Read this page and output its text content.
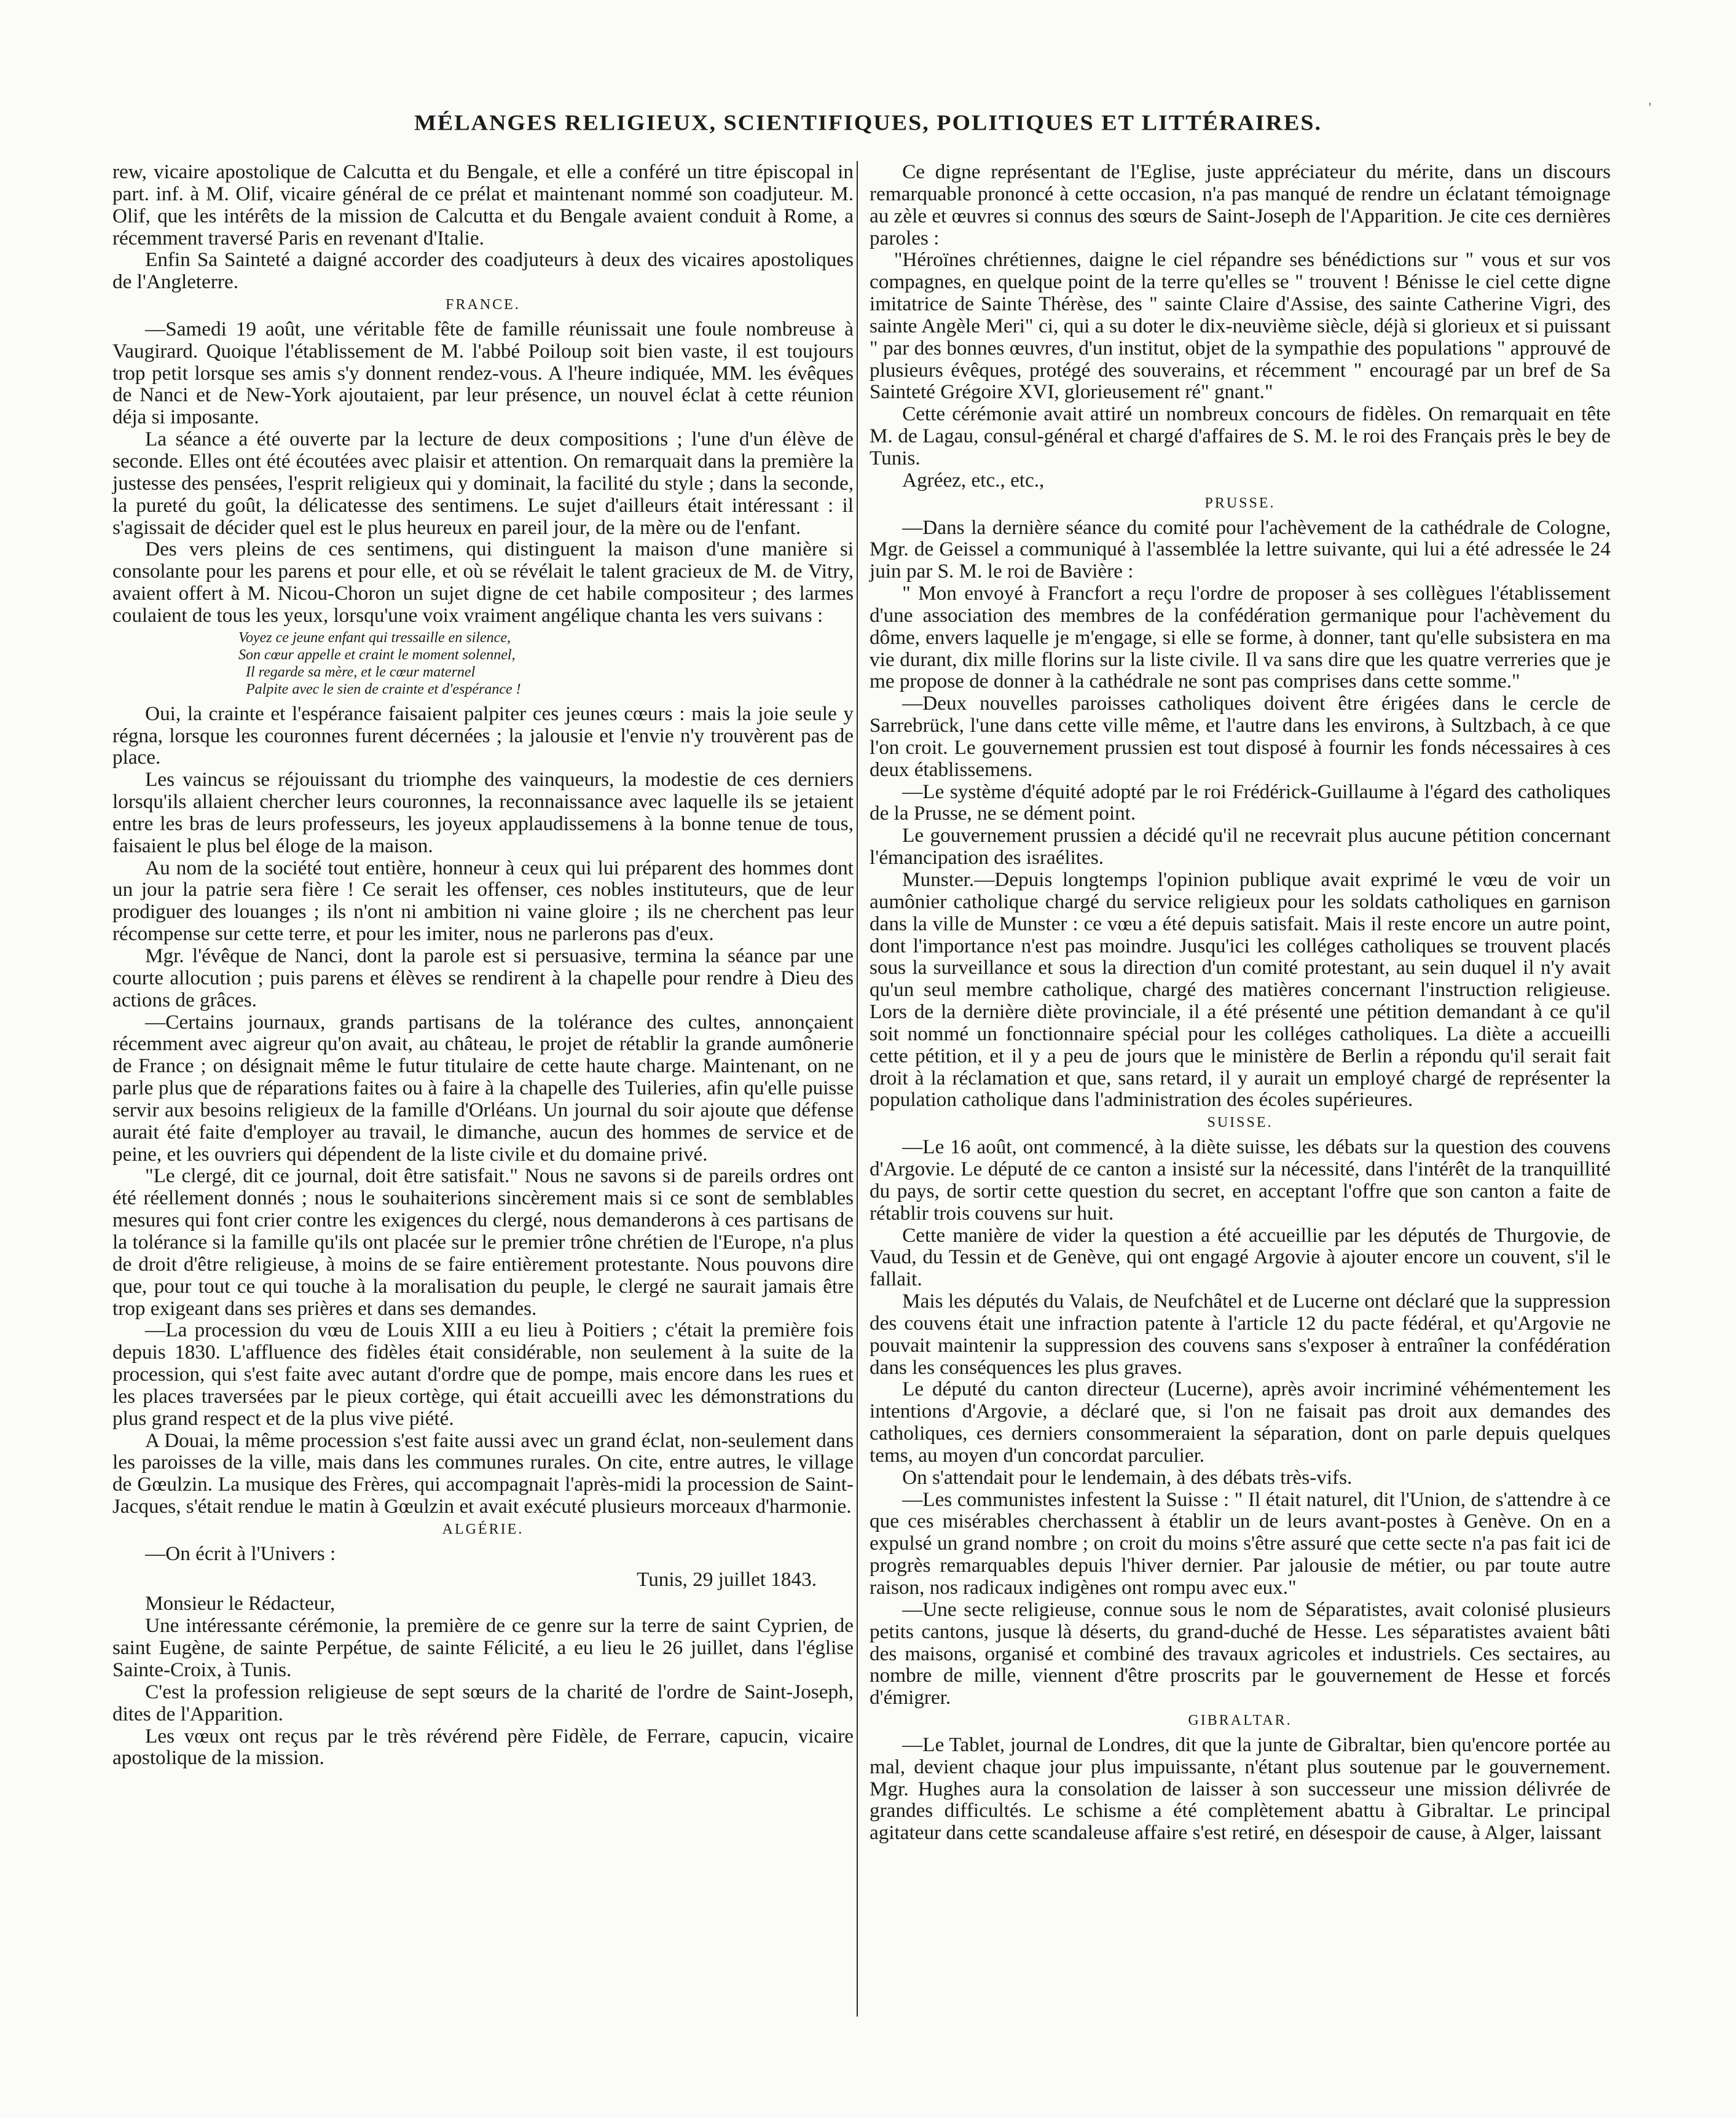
'
MÉLANGES RELIGIEUX, SCIENTIFIQUES, POLITIQUES ET LITTÉRAIRES.

rew, vicaire apostolique de Calcutta et du Bengale, et elle a conféré un titre épiscopal in part. inf. à M. Olif, vicaire général de ce prélat et maintenant nommé son coadjuteur. M. Olif, que les intérêts de la mission de Calcutta et du Bengale avaient conduit à Rome, a récemment traversé Paris en revenant d'Italie.

Enfin Sa Sainteté a daigné accorder des coadjuteurs à deux des vicaires apostoliques de l'Angleterre.

FRANCE.

—Samedi 19 août, une véritable fête de famille réunissait une foule nombreuse à Vaugirard. Quoique l'établissement de M. l'abbé Poiloup soit bien vaste, il est toujours trop petit lorsque ses amis s'y donnent rendez-vous. A l'heure indiquée, MM. les évêques de Nanci et de New-York ajoutaient, par leur présence, un nouvel éclat à cette réunion déja si imposante.

La séance a été ouverte par la lecture de deux compositions ; l'une d'un élève de seconde. Elles ont été écoutées avec plaisir et attention. On remarquait dans la première la justesse des pensées, l'esprit religieux qui y dominait, la facilité du style ; dans la seconde, la pureté du goût, la délicatesse des sentimens. Le sujet d'ailleurs était intéressant : il s'agissait de décider quel est le plus heureux en pareil jour, de la mère ou de l'enfant.

Des vers pleins de ces sentimens, qui distinguent la maison d'une manière si consolante pour les parens et pour elle, et où se révélait le talent gracieux de M. de Vitry, avaient offert à M. Nicou-Choron un sujet digne de cet habile compositeur ; des larmes coulaient de tous les yeux, lorsqu'une voix vraiment angélique chanta les vers suivans :

Voyez ce jeune enfant qui tressaille en silence,
Son cœur appelle et craint le moment solennel,
Il regarde sa mère, et le cœur maternel
Palpite avec le sien de crainte et d'espérance !

Oui, la crainte et l'espérance faisaient palpiter ces jeunes cœurs : mais la joie seule y régna, lorsque les couronnes furent décernées ; la jalousie et l'envie n'y trouvèrent pas de place.

Les vaincus se réjouissant du triomphe des vainqueurs, la modestie de ces derniers lorsqu'ils allaient chercher leurs couronnes, la reconnaissance avec laquelle ils se jetaient entre les bras de leurs professeurs, les joyeux applaudissemens à la bonne tenue de tous, faisaient le plus bel éloge de la maison.

Au nom de la société tout entière, honneur à ceux qui lui préparent des hommes dont un jour la patrie sera fière ! Ce serait les offenser, ces nobles instituteurs, que de leur prodiguer des louanges ; ils n'ont ni ambition ni vaine gloire ; ils ne cherchent pas leur récompense sur cette terre, et pour les imiter, nous ne parlerons pas d'eux.

Mgr. l'évêque de Nanci, dont la parole est si persuasive, termina la séance par une courte allocution ; puis parens et élèves se rendirent à la chapelle pour rendre à Dieu des actions de grâces.

—Certains journaux, grands partisans de la tolérance des cultes, annonçaient récemment avec aigreur qu'on avait, au château, le projet de rétablir la grande aumônerie de France ; on désignait même le futur titulaire de cette haute charge. Maintenant, on ne parle plus que de réparations faites ou à faire à la chapelle des Tuileries, afin qu'elle puisse servir aux besoins religieux de la famille d'Orléans. Un journal du soir ajoute que défense aurait été faite d'employer au travail, le dimanche, aucun des hommes de service et de peine, et les ouvriers qui dépendent de la liste civile et du domaine privé.

"Le clergé, dit ce journal, doit être satisfait." Nous ne savons si de pareils ordres ont été réellement donnés ; nous le souhaiterions sincèrement mais si ce sont de semblables mesures qui font crier contre les exigences du clergé, nous demanderons à ces partisans de la tolérance si la famille qu'ils ont placée sur le premier trône chrétien de l'Europe, n'a plus de droit d'être religieuse, à moins de se faire entièrement protestante. Nous pouvons dire que, pour tout ce qui touche à la moralisation du peuple, le clergé ne saurait jamais être trop exigeant dans ses prières et dans ses demandes.

—La procession du vœu de Louis XIII a eu lieu à Poitiers ; c'était la première fois depuis 1830. L'affluence des fidèles était considérable, non seulement à la suite de la procession, qui s'est faite avec autant d'ordre que de pompe, mais encore dans les rues et les places traversées par le pieux cortège, qui était accueilli avec les démonstrations du plus grand respect et de la plus vive piété.

A Douai, la même procession s'est faite aussi avec un grand éclat, non-seulement dans les paroisses de la ville, mais dans les communes rurales. On cite, entre autres, le village de Gœulzin. La musique des Frères, qui accompagnait l'après-midi la procession de Saint-Jacques, s'était rendue le matin à Gœulzin et avait exécuté plusieurs morceaux d'harmonie.

ALGÉRIE.

—On écrit à l'Univers :

Tunis, 29 juillet 1843.

Monsieur le Rédacteur,

Une intéressante cérémonie, la première de ce genre sur la terre de saint Cyprien, de saint Eugène, de sainte Perpétue, de sainte Félicité, a eu lieu le 26 juillet, dans l'église Sainte-Croix, à Tunis.

C'est la profession religieuse de sept sœurs de la charité de l'ordre de Saint-Joseph, dites de l'Apparition.

Les vœux ont reçus par le très révérend père Fidèle, de Ferrare, capucin, vicaire apostolique de la mission.

Ce digne représentant de l'Eglise, juste appréciateur du mérite, dans un discours remarquable prononcé à cette occasion, n'a pas manqué de rendre un éclatant témoignage au zèle et œuvres si connus des sœurs de Saint-Joseph de l'Apparition. Je cite ces dernières paroles :

"Héroïnes chrétiennes, daigne le ciel répandre ses bénédictions sur " vous et sur vos compagnes, en quelque point de la terre qu'elles se " trouvent ! Bénisse le ciel cette digne imitatrice de Sainte Thérèse, des " sainte Claire d'Assise, des sainte Catherine Vigri, des sainte Angèle Meri" ci, qui a su doter le dix-neuvième siècle, déjà si glorieux et si puissant " par des bonnes œuvres, d'un institut, objet de la sympathie des populations " approuvé de plusieurs évêques, protégé des souverains, et récemment " encouragé par un bref de Sa Sainteté Grégoire XVI, glorieusement ré" gnant."

Cette cérémonie avait attiré un nombreux concours de fidèles. On remarquait en tête M. de Lagau, consul-général et chargé d'affaires de S. M. le roi des Français près le bey de Tunis.

Agréez, etc., etc.,

PRUSSE.

—Dans la dernière séance du comité pour l'achèvement de la cathédrale de Cologne, Mgr. de Geissel a communiqué à l'assemblée la lettre suivante, qui lui a été adressée le 24 juin par S. M. le roi de Bavière :

" Mon envoyé à Francfort a reçu l'ordre de proposer à ses collègues l'établissement d'une association des membres de la confédération germanique pour l'achèvement du dôme, envers laquelle je m'engage, si elle se forme, à donner, tant qu'elle subsistera en ma vie durant, dix mille florins sur la liste civile. Il va sans dire que les quatre verreries que je me propose de donner à la cathédrale ne sont pas comprises dans cette somme."

—Deux nouvelles paroisses catholiques doivent être érigées dans le cercle de Sarrebrück, l'une dans cette ville même, et l'autre dans les environs, à Sultzbach, à ce que l'on croit. Le gouvernement prussien est tout disposé à fournir les fonds nécessaires à ces deux établissemens.

—Le système d'équité adopté par le roi Frédérick-Guillaume à l'égard des catholiques de la Prusse, ne se dément point.

Le gouvernement prussien a décidé qu'il ne recevrait plus aucune pétition concernant l'émancipation des israélites.

Munster.—Depuis longtemps l'opinion publique avait exprimé le vœu de voir un aumônier catholique chargé du service religieux pour les soldats catholiques en garnison dans la ville de Munster : ce vœu a été depuis satisfait. Mais il reste encore un autre point, dont l'importance n'est pas moindre. Jusqu'ici les colléges catholiques se trouvent placés sous la surveillance et sous la direction d'un comité protestant, au sein duquel il n'y avait qu'un seul membre catholique, chargé des matières concernant l'instruction religieuse. Lors de la dernière diète provinciale, il a été présenté une pétition demandant à ce qu'il soit nommé un fonctionnaire spécial pour les colléges catholiques. La diète a accueilli cette pétition, et il y a peu de jours que le ministère de Berlin a répondu qu'il serait fait droit à la réclamation et que, sans retard, il y aurait un employé chargé de représenter la population catholique dans l'administration des écoles supérieures.

SUISSE.

—Le 16 août, ont commencé, à la diète suisse, les débats sur la question des couvens d'Argovie. Le député de ce canton a insisté sur la nécessité, dans l'intérêt de la tranquillité du pays, de sortir cette question du secret, en acceptant l'offre que son canton a faite de rétablir trois couvens sur huit.

Cette manière de vider la question a été accueillie par les députés de Thurgovie, de Vaud, du Tessin et de Genève, qui ont engagé Argovie à ajouter encore un couvent, s'il le fallait.

Mais les députés du Valais, de Neufchâtel et de Lucerne ont déclaré que la suppression des couvens était une infraction patente à l'article 12 du pacte fédéral, et qu'Argovie ne pouvait maintenir la suppression des couvens sans s'exposer à entraîner la confédération dans les conséquences les plus graves.

Le député du canton directeur (Lucerne), après avoir incriminé véhémentement les intentions d'Argovie, a déclaré que, si l'on ne faisait pas droit aux demandes des catholiques, ces derniers consommeraient la séparation, dont on parle depuis quelques tems, au moyen d'un concordat parculier.

On s'attendait pour le lendemain, à des débats très-vifs.

—Les communistes infestent la Suisse : " Il était naturel, dit l'Union, de s'attendre à ce que ces misérables cherchassent à établir un de leurs avant-postes à Genève. On en a expulsé un grand nombre ; on croit du moins s'être assuré que cette secte n'a pas fait ici de progrès remarquables depuis l'hiver dernier. Par jalousie de métier, ou par toute autre raison, nos radicaux indigènes ont rompu avec eux."

—Une secte religieuse, connue sous le nom de Séparatistes, avait colonisé plusieurs petits cantons, jusque là déserts, du grand-duché de Hesse. Les séparatistes avaient bâti des maisons, organisé et combiné des travaux agricoles et industriels. Ces sectaires, au nombre de mille, viennent d'être proscrits par le gouvernement de Hesse et forcés d'émigrer.

GIBRALTAR.

—Le Tablet, journal de Londres, dit que la junte de Gibraltar, bien qu'encore portée au mal, devient chaque jour plus impuissante, n'étant plus soutenue par le gouvernement. Mgr. Hughes aura la consolation de laisser à son successeur une mission délivrée de grandes difficultés. Le schisme a été complètement abattu à Gibraltar. Le principal agitateur dans cette scandaleuse affaire s'est retiré, en désespoir de cause, à Alger, laissant
